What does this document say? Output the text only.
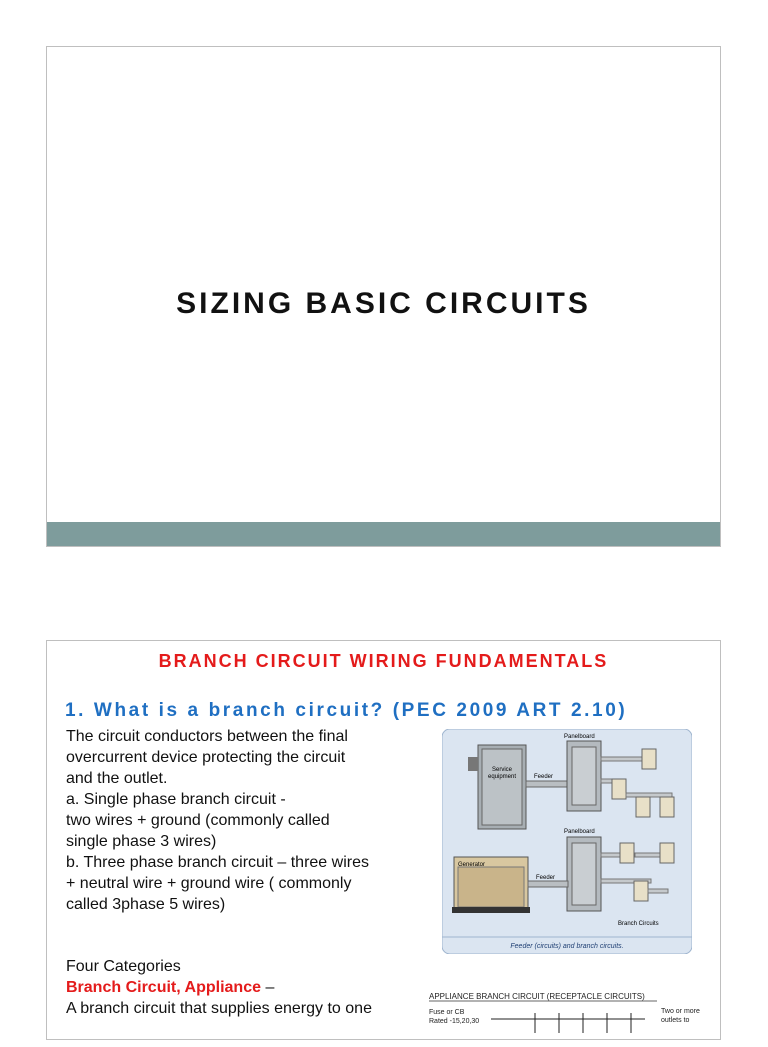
SIZING BASIC CIRCUITS
BRANCH CIRCUIT WIRING FUNDAMENTALS
1. What is a branch circuit? (PEC 2009 ART 2.10)
The circuit conductors between the final
overcurrent device protecting the circuit
and the outlet.
a. Single phase branch circuit -
two wires + ground (commonly called
single phase 3 wires)
b. Three phase branch circuit – three wires
+ neutral wire + ground wire ( commonly
called 3phase 5 wires)
Four Categories
Branch Circuit, Appliance –
A branch circuit that supplies energy to one
Service
equipment	Feeder
Panelboard
Panelboard
Generator
Feeder
Branch Circuits
Feeder (circuits) and branch circuits.
APPLIANCE BRANCH CIRCUIT (RECEPTACLE CIRCUITS)
Fuse or CB
Rated -15,20,30
Two or more
outlets to
